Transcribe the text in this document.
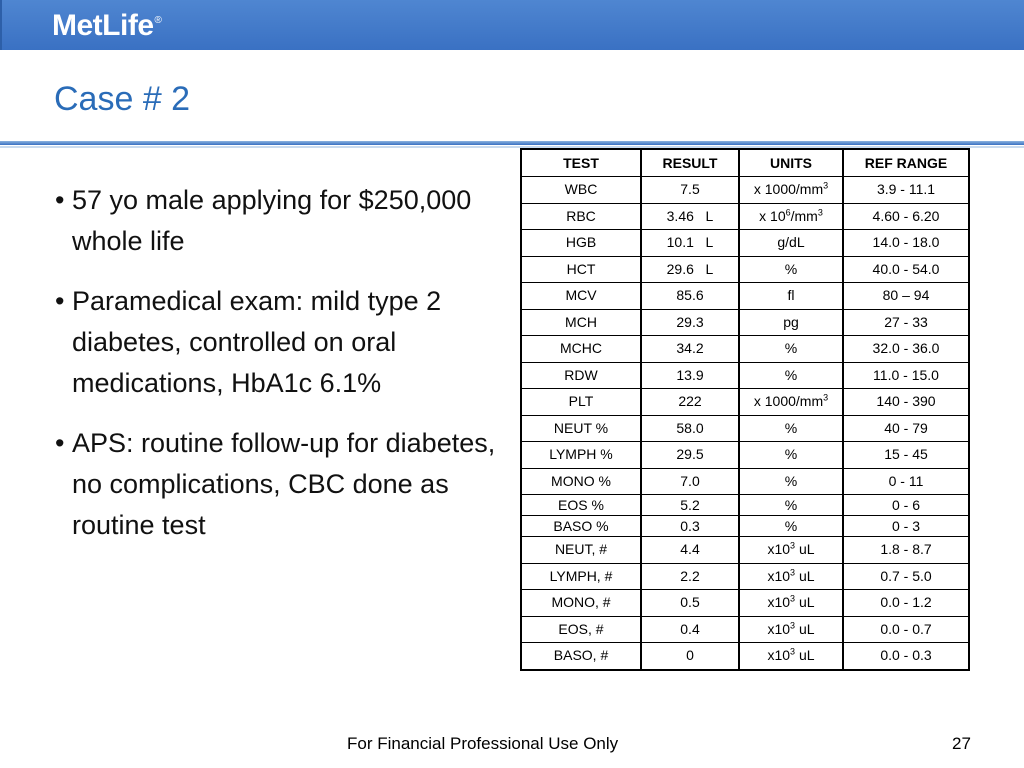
MetLife®
Case # 2
• 57 yo male applying for $250,000 whole life
• Paramedical exam: mild type 2 diabetes, controlled on oral medications, HbA1c 6.1%
• APS: routine follow-up for diabetes, no complications, CBC done as routine test
TEST	RESULT	UNITS	REF RANGE
WBC	7.5	x $1000/mm^3$	3.9 - 11.1
RBC	3.46   L	x $10^6/mm^3$	4.60 - 6.20
HGB	10.1   L	g/dL	14.0 - 18.0
HCT	29.6   L	%	40.0 - 54.0
MCV	85.6	fl	80 – 94
MCH	29.3	pg	27 - 33
MCHC	34.2	%	32.0 - 36.0
RDW	13.9	%	11.0 - 15.0
PLT	222	x $1000/mm^3$	140 - 390
NEUT %	58.0	%	40 - 79
LYMPH %	29.5	%	15 - 45
MONO %	7.0	%	0 - 11
EOS %	5.2	%	0 - 6
BASO %	0.3	%	0 - 3
NEUT, #	4.4	$x10^3$ uL	1.8 - 8.7
LYMPH, #	2.2	$x10^3$ uL	0.7 - 5.0
MONO, #	0.5	$x10^3$ uL	0.0 - 1.2
EOS, #	0.4	$x10^3$ uL	0.0 - 0.7
BASO, #	0	$x10^3$ uL	0.0 - 0.3
For Financial Professional Use Only	27
